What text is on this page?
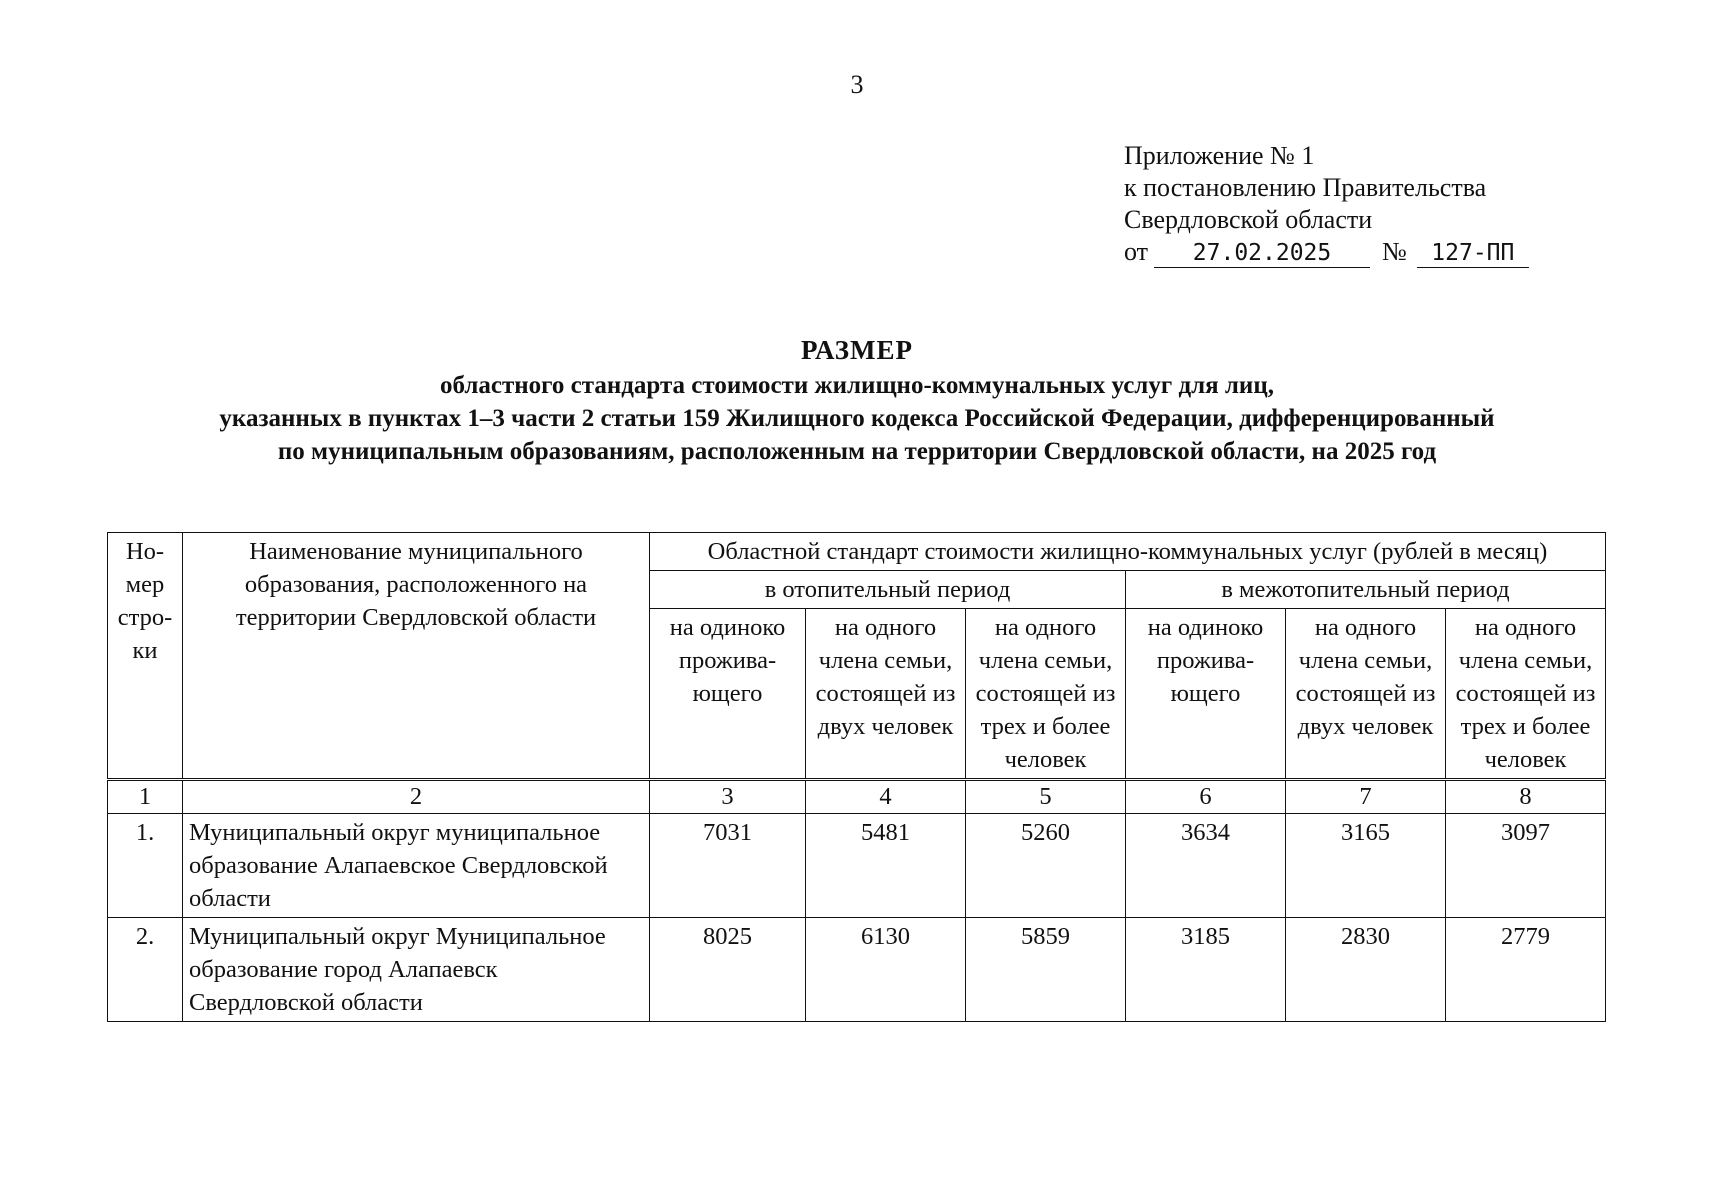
3
Приложение № 1
к постановлению Правительства
Свердловской области
от 27.02.2025 № 127-ПП
РАЗМЕР
областного стандарта стоимости жилищно-коммунальных услуг для лиц,
указанных в пунктах 1–3 части 2 статьи 159 Жилищного кодекса Российской Федерации, дифференцированный
по муниципальным образованиям, расположенным на территории Свердловской области, на 2025 год
Но-мер стро-ки	Наименование муниципального образования, расположенного на территории Свердловской области	Областной стандарт стоимости жилищно-коммунальных услуг (рублей в месяц)					
		в отопительный период			в межотопительный период		
		на одиноко прожива-ющего	на одного члена семьи, состоящей из двух человек	на одного члена семьи, состоящей из трех и более человек	на одиноко прожива-ющего	на одного члена семьи, состоящей из двух человек	на одного члена семьи, состоящей из трех и более человек
1	2	3	4	5	6	7	8
1.	Муниципальный округ муниципальное образование Алапаевское Свердловской области	7031	5481	5260	3634	3165	3097
2.	Муниципальный округ Муниципальное образование город Алапаевск Свердловской области	8025	6130	5859	3185	2830	2779
